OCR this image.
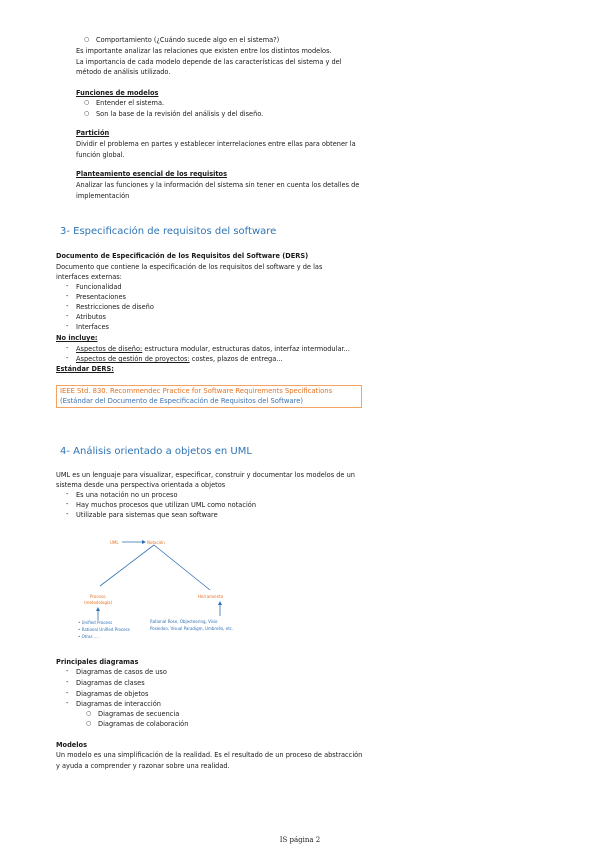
○ Comportamiento (¿Cuándo sucede algo en el sistema?)
Es importante analizar las relaciones que existen entre los distintos modelos.
La importancia de cada modelo depende de las características del sistema y del
método de análisis utilizado.
Funciones de modelos
○ Entender el sistema.
○ Son la base de la revisión del análisis y del diseño.
Partición
Dividir el problema en partes y establecer interrelaciones entre ellas para obtener la
función global.
Planteamiento esencial de los requisitos
Analizar las funciones y la información del sistema sin tener en cuenta los detalles de
implementación
3- Especificación de requisitos del software
Documento de Especificación de los Requisitos del Software (DERS)
Documento que contiene la especificación de los requisitos del software y de las
interfaces externas:
- Funcionalidad
- Presentaciones
- Restricciones de diseño
- Atributos
- Interfaces
No incluye:
- Aspectos de diseño: estructura modular, estructuras datos, interfaz intermodular...
- Aspectos de gestión de proyectos: costes, plazos de entrega...
Estándar DERS:
IEEE Std. 830. Recommendec Practice for Software Requirements Specifications
(Estándar del Documento de Especificación de Requisitos del Software)
4- Análisis orientado a objetos en UML
UML es un lenguaje para visualizar, especificar, construir y documentar los modelos de un
sistema desde una perspectiva orientada a objetos
- Es una notación no un proceso
- Hay muchos procesos que utilizan UML como notación
- Utilizable para sistemas que sean software
UML	Notación
Proceso
(metodología)
Herramienta
• Unified Process
• Rational Unified Process
• Otras ....
Rational Rose, Objecteering, Visio
Poseidon, Visual Paradigm, Umbrello, etc.
Principales diagramas
- Diagramas de casos de uso
- Diagramas de clases
- Diagramas de objetos
- Diagramas de interacción
○ Diagramas de secuencia
○ Diagramas de colaboración
Modelos
Un modelo es una simplificación de la realidad. Es el resultado de un proceso de abstracción
y ayuda a comprender y razonar sobre una realidad.
IS página 2
